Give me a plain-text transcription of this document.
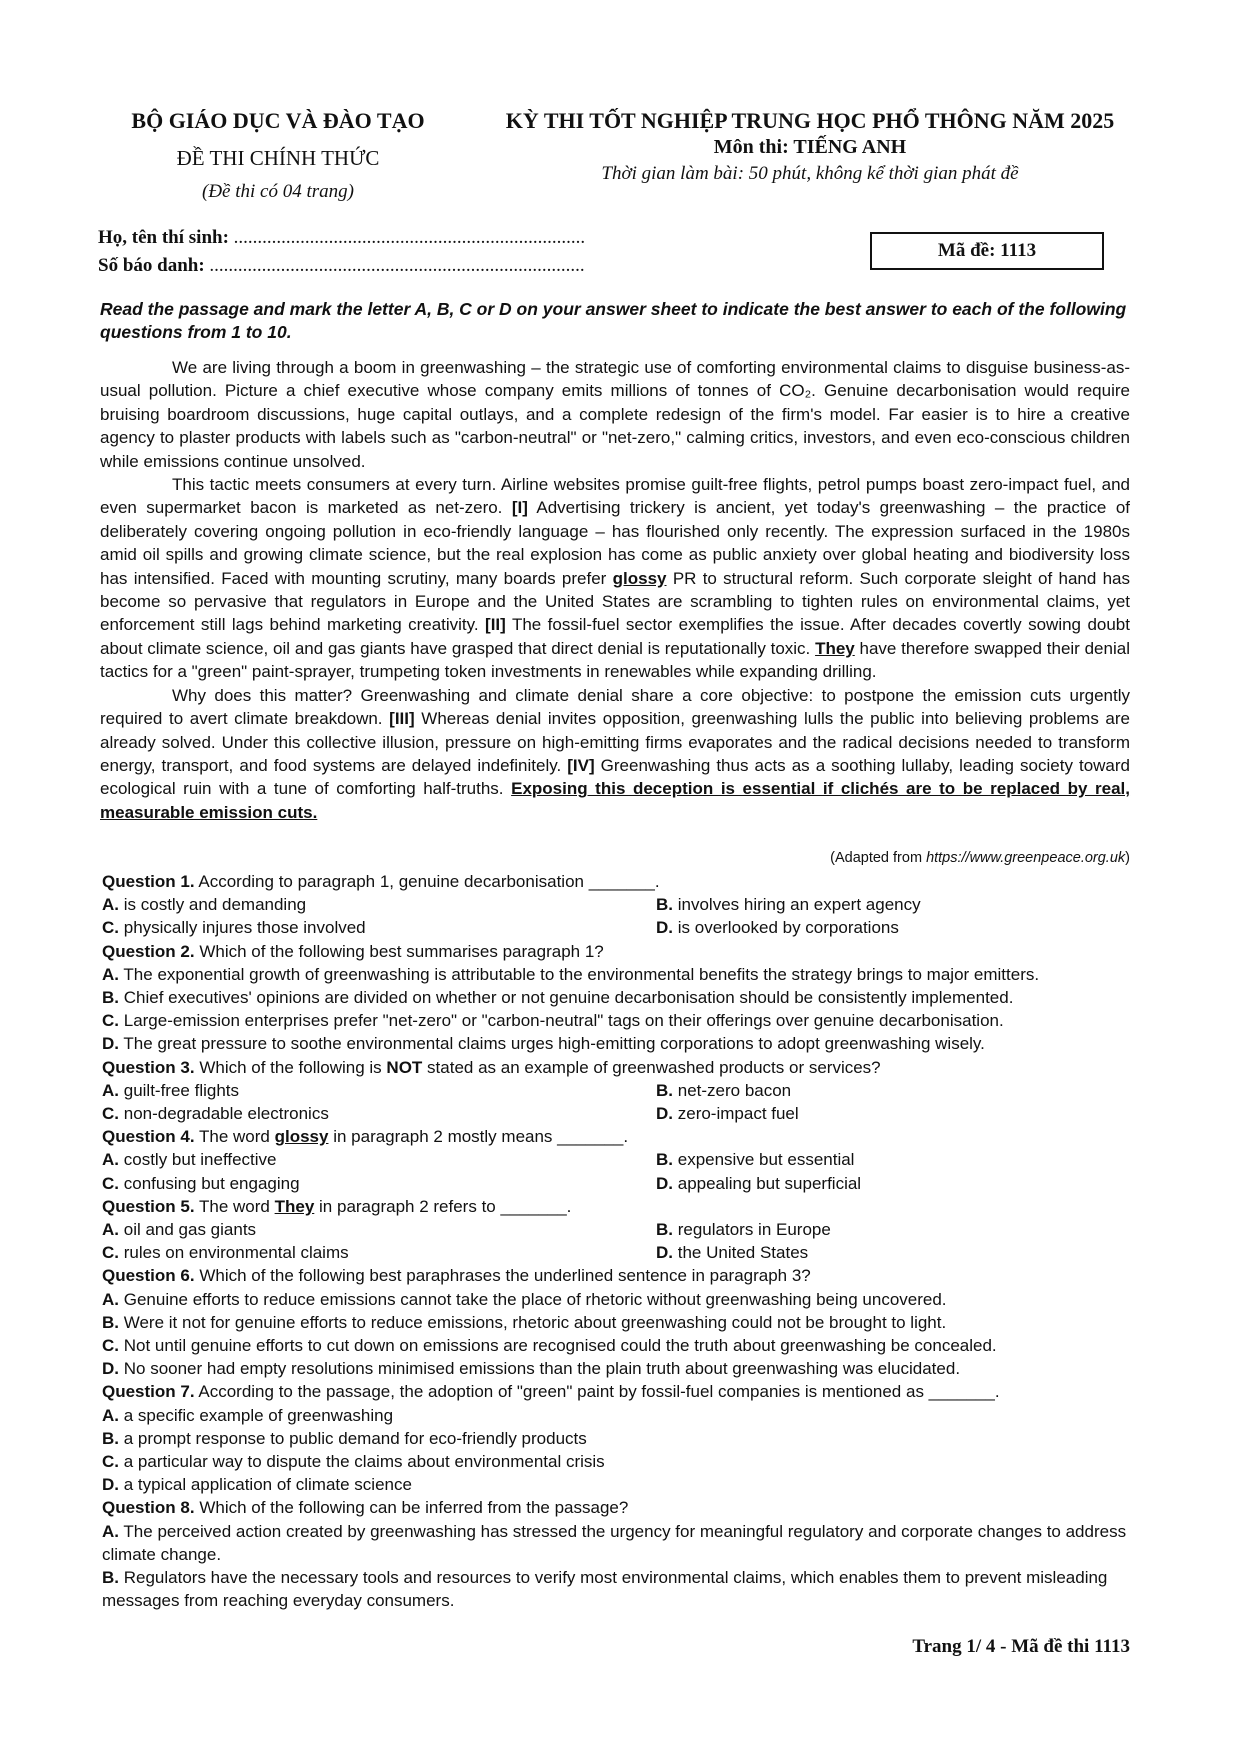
BỘ GIÁO DỤC VÀ ĐÀO TẠO
ĐỀ THI CHÍNH THỨC
(Đề thi có 04 trang)
KỲ THI TỐT NGHIỆP TRUNG HỌC PHỔ THÔNG NĂM 2025
Môn thi: TIẾNG ANH
Thời gian làm bài: 50 phút, không kể thời gian phát đề
Họ, tên thí sinh: ..........................................................................
Số báo danh: ...............................................................................
Mã đề: 1113
Read the passage and mark the letter A, B, C or D on your answer sheet to indicate the best answer to each of the following questions from 1 to 10.

We are living through a boom in greenwashing – the strategic use of comforting environmental claims to disguise business-as-usual pollution. Picture a chief executive whose company emits millions of tonnes of CO₂. Genuine decarbonisation would require bruising boardroom discussions, huge capital outlays, and a complete redesign of the firm's model. Far easier is to hire a creative agency to plaster products with labels such as "carbon-neutral" or "net-zero," calming critics, investors, and even eco-conscious children while emissions continue unsolved.

This tactic meets consumers at every turn. Airline websites promise guilt-free flights, petrol pumps boast zero-impact fuel, and even supermarket bacon is marketed as net-zero. [I] Advertising trickery is ancient, yet today's greenwashing – the practice of deliberately covering ongoing pollution in eco-friendly language – has flourished only recently. The expression surfaced in the 1980s amid oil spills and growing climate science, but the real explosion has come as public anxiety over global heating and biodiversity loss has intensified. Faced with mounting scrutiny, many boards prefer glossy PR to structural reform. Such corporate sleight of hand has become so pervasive that regulators in Europe and the United States are scrambling to tighten rules on environmental claims, yet enforcement still lags behind marketing creativity. [II] The fossil-fuel sector exemplifies the issue. After decades covertly sowing doubt about climate science, oil and gas giants have grasped that direct denial is reputationally toxic. They have therefore swapped their denial tactics for a "green" paint-sprayer, trumpeting token investments in renewables while expanding drilling.

Why does this matter? Greenwashing and climate denial share a core objective: to postpone the emission cuts urgently required to avert climate breakdown. [III] Whereas denial invites opposition, greenwashing lulls the public into believing problems are already solved. Under this collective illusion, pressure on high-emitting firms evaporates and the radical decisions needed to transform energy, transport, and food systems are delayed indefinitely. [IV] Greenwashing thus acts as a soothing lullaby, leading society toward ecological ruin with a tune of comforting half-truths. Exposing this deception is essential if clichés are to be replaced by real, measurable emission cuts.

(Adapted from https://www.greenpeace.org.uk)

Question 1. According to paragraph 1, genuine decarbonisation _______.

A. is costly and demanding	B. involves hiring an expert agency
C. physically injures those involved	D. is overlooked by corporations

Question 2. Which of the following best summarises paragraph 1?

A. The exponential growth of greenwashing is attributable to the environmental benefits the strategy brings to major emitters.

B. Chief executives' opinions are divided on whether or not genuine decarbonisation should be consistently implemented.

C. Large-emission enterprises prefer "net-zero" or "carbon-neutral" tags on their offerings over genuine decarbonisation.

D. The great pressure to soothe environmental claims urges high-emitting corporations to adopt greenwashing wisely.

Question 3. Which of the following is NOT stated as an example of greenwashed products or services?

A. guilt-free flights	B. net-zero bacon
C. non-degradable electronics	D. zero-impact fuel

Question 4. The word glossy in paragraph 2 mostly means _______.

A. costly but ineffective	B. expensive but essential
C. confusing but engaging	D. appealing but superficial

Question 5. The word They in paragraph 2 refers to _______.

A. oil and gas giants	B. regulators in Europe
C. rules on environmental claims	D. the United States

Question 6. Which of the following best paraphrases the underlined sentence in paragraph 3?

A. Genuine efforts to reduce emissions cannot take the place of rhetoric without greenwashing being uncovered.

B. Were it not for genuine efforts to reduce emissions, rhetoric about greenwashing could not be brought to light.

C. Not until genuine efforts to cut down on emissions are recognised could the truth about greenwashing be concealed.

D. No sooner had empty resolutions minimised emissions than the plain truth about greenwashing was elucidated.

Question 7. According to the passage, the adoption of "green" paint by fossil-fuel companies is mentioned as _______.

A. a specific example of greenwashing

B. a prompt response to public demand for eco-friendly products

C. a particular way to dispute the claims about environmental crisis

D. a typical application of climate science

Question 8. Which of the following can be inferred from the passage?

A. The perceived action created by greenwashing has stressed the urgency for meaningful regulatory and corporate changes to address climate change.

B. Regulators have the necessary tools and resources to verify most environmental claims, which enables them to prevent misleading messages from reaching everyday consumers.

Trang 1/ 4 - Mã đề thi 1113
